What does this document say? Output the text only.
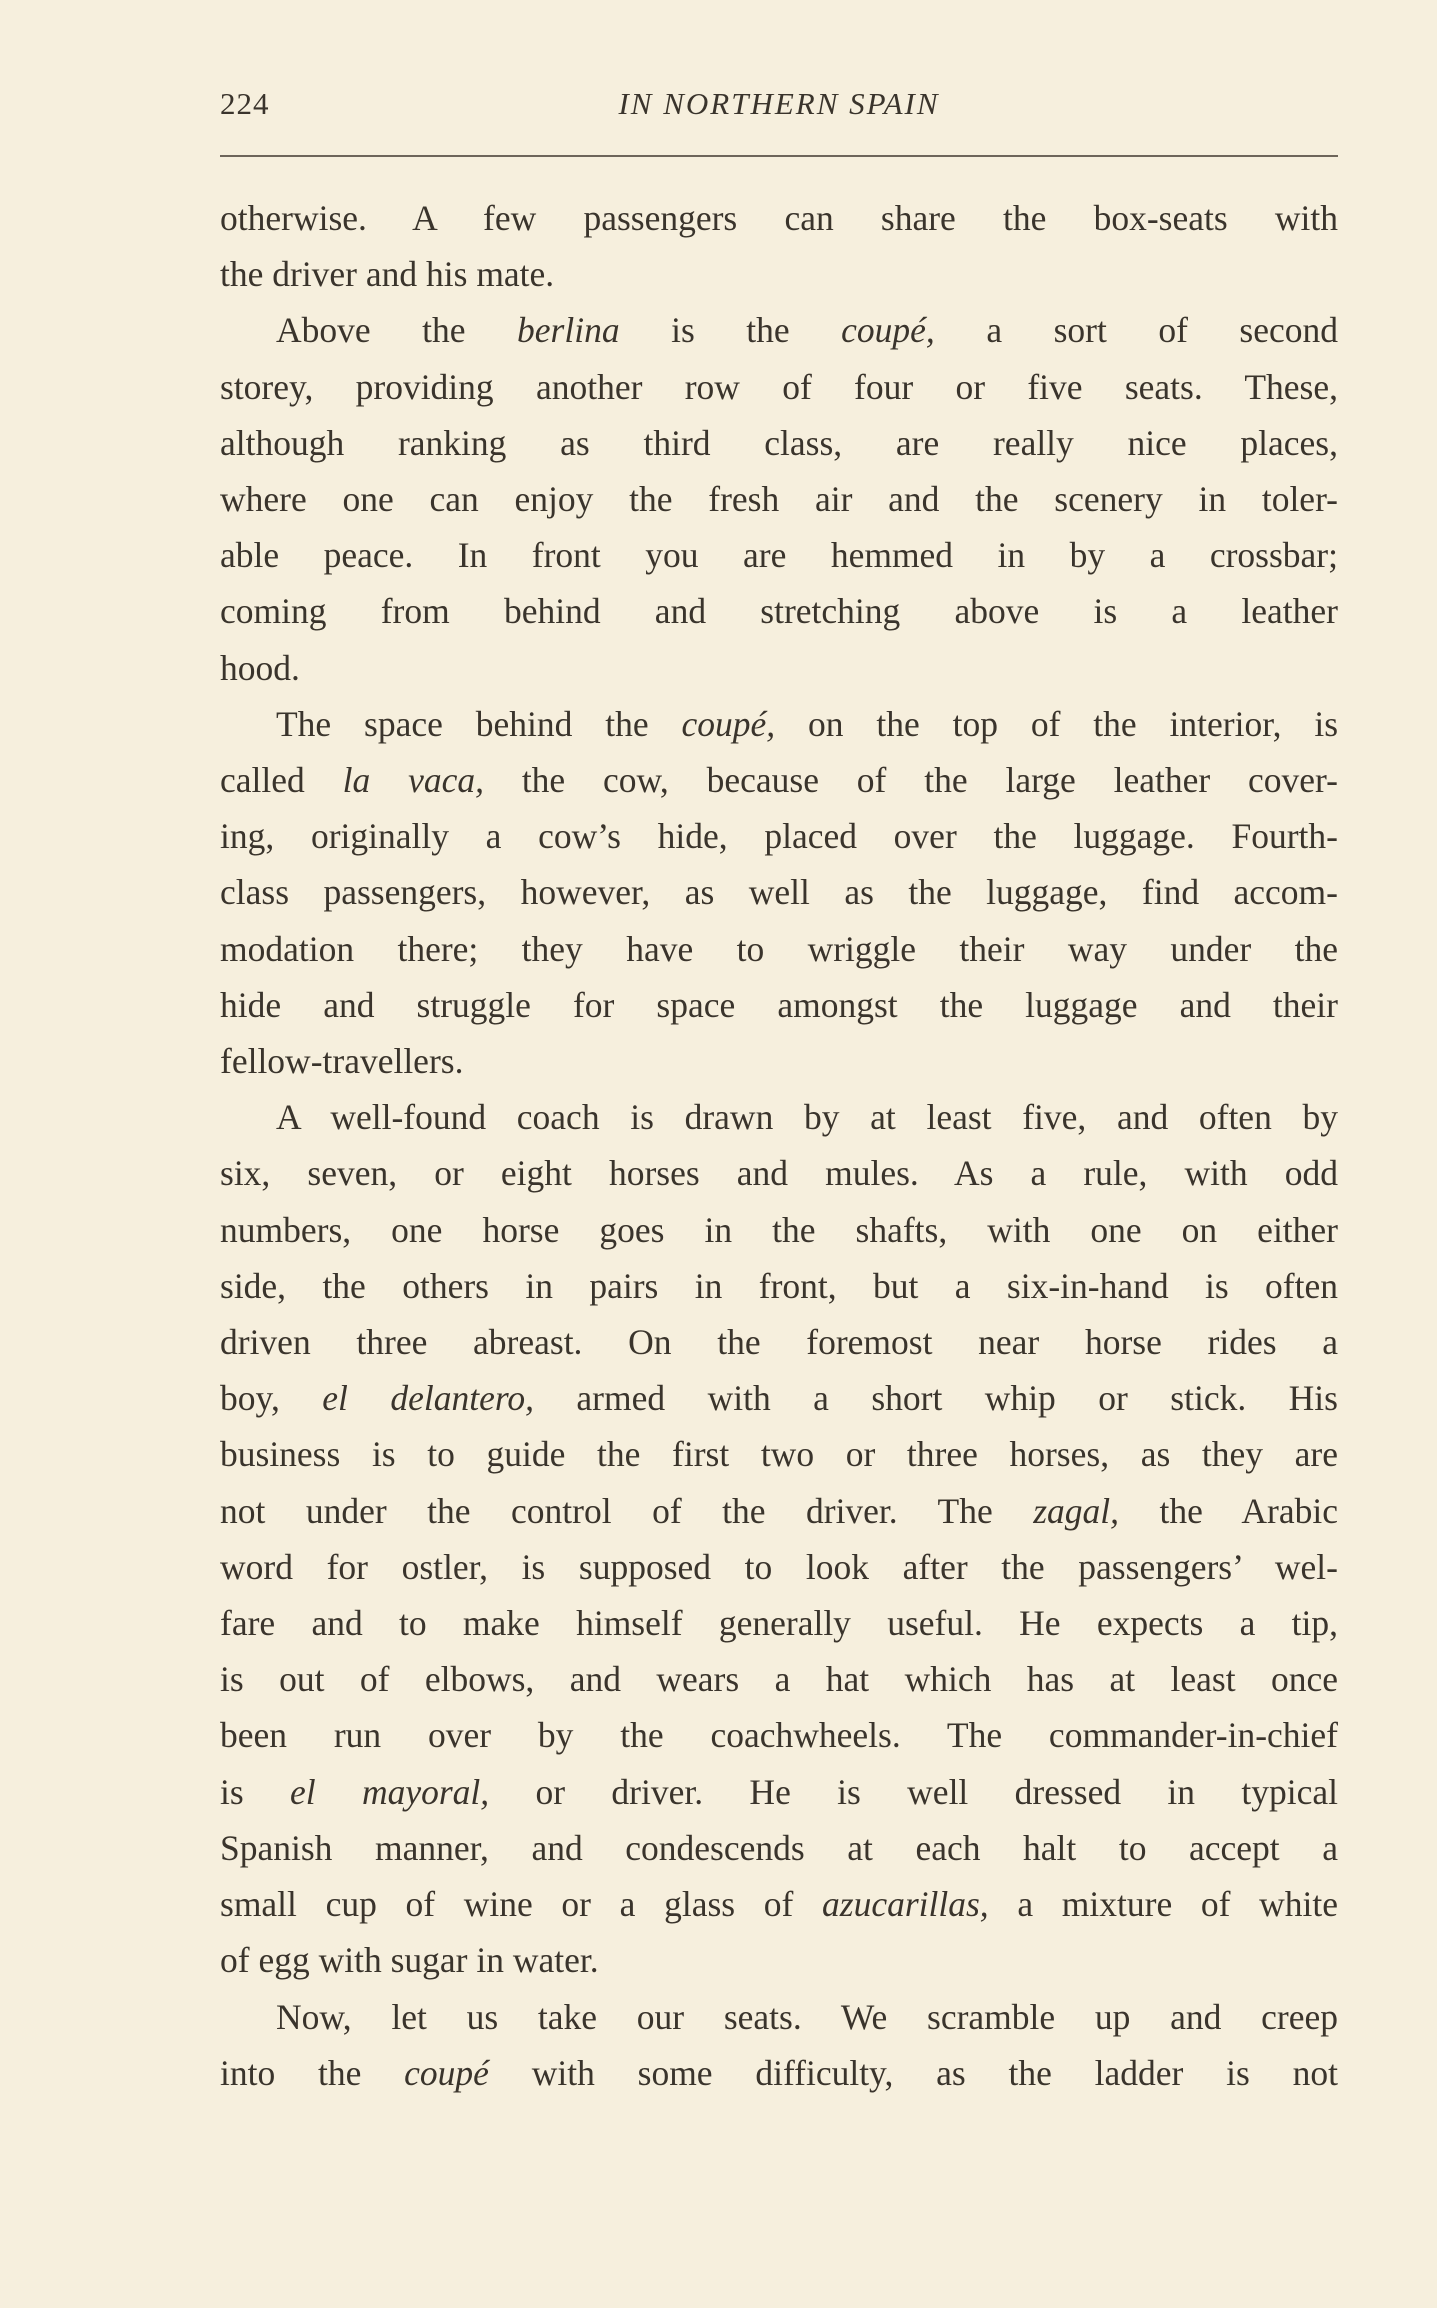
224	IN NORTHERN SPAIN
otherwise. A few passengers can share the box-seats with
the driver and his mate.
Above the berlina is the coupé, a sort of second
storey, providing another row of four or five seats. These,
although ranking as third class, are really nice places,
where one can enjoy the fresh air and the scenery in toler-
able peace. In front you are hemmed in by a crossbar;
coming from behind and stretching above is a leather
hood.
The space behind the coupé, on the top of the interior, is
called la vaca, the cow, because of the large leather cover-
ing, originally a cow’s hide, placed over the luggage. Fourth-
class passengers, however, as well as the luggage, find accom-
modation there; they have to wriggle their way under the
hide and struggle for space amongst the luggage and their
fellow-travellers.
A well-found coach is drawn by at least five, and often by
six, seven, or eight horses and mules. As a rule, with odd
numbers, one horse goes in the shafts, with one on either
side, the others in pairs in front, but a six-in-hand is often
driven three abreast. On the foremost near horse rides a
boy, el delantero, armed with a short whip or stick. His
business is to guide the first two or three horses, as they are
not under the control of the driver. The zagal, the Arabic
word for ostler, is supposed to look after the passengers’ wel-
fare and to make himself generally useful. He expects a tip,
is out of elbows, and wears a hat which has at least once
been run over by the coachwheels. The commander-in-chief
is el mayoral, or driver. He is well dressed in typical
Spanish manner, and condescends at each halt to accept a
small cup of wine or a glass of azucarillas, a mixture of white
of egg with sugar in water.
Now, let us take our seats. We scramble up and creep
into the coupé with some difficulty, as the ladder is not
